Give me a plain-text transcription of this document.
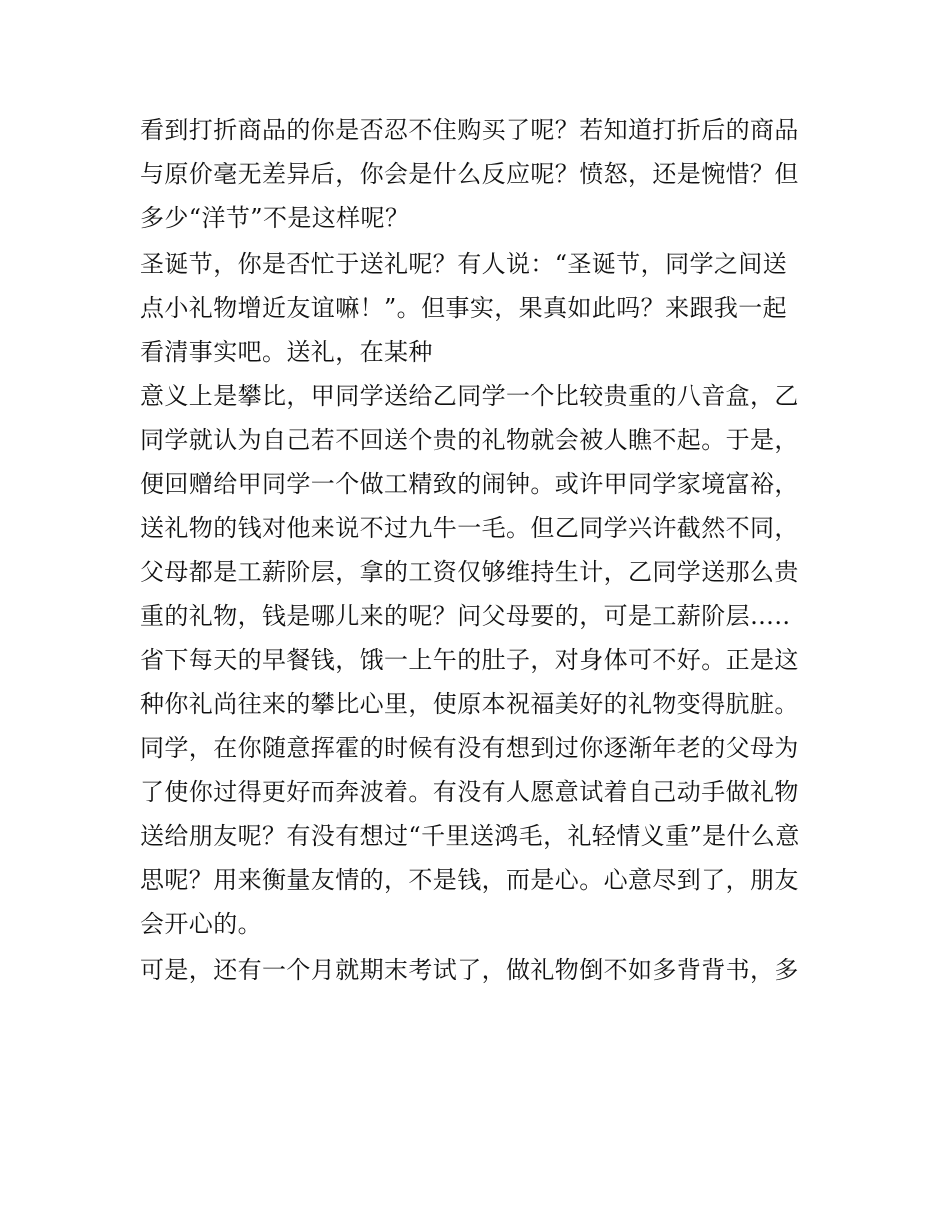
看到打折商品的你是否忍不住购买了呢？若知道打折后的商品
与原价毫无差异后，你会是什么反应呢？愤怒，还是惋惜？但
多少“洋节”不是这样呢？
圣诞节，你是否忙于送礼呢？有人说：“圣诞节，同学之间送
点小礼物增近友谊嘛！”。但事实，果真如此吗？来跟我一起
看清事实吧。送礼，在某种
意义上是攀比，甲同学送给乙同学一个比较贵重的八音盒，乙
同学就认为自己若不回送个贵的礼物就会被人瞧不起。于是，
便回赠给甲同学一个做工精致的闹钟。或许甲同学家境富裕，
送礼物的钱对他来说不过九牛一毛。但乙同学兴许截然不同，
父母都是工薪阶层，拿的工资仅够维持生计，乙同学送那么贵
重的礼物，钱是哪儿来的呢？问父母要的，可是工薪阶层…..
省下每天的早餐钱，饿一上午的肚子，对身体可不好。正是这
种你礼尚往来的攀比心里，使原本祝福美好的礼物变得肮脏。
同学，在你随意挥霍的时候有没有想到过你逐渐年老的父母为
了使你过得更好而奔波着。有没有人愿意试着自己动手做礼物
送给朋友呢？有没有想过“千里送鸿毛，礼轻情义重”是什么意
思呢？用来衡量友情的，不是钱，而是心。心意尽到了，朋友
会开心的。
可是，还有一个月就期末考试了，做礼物倒不如多背背书，多
